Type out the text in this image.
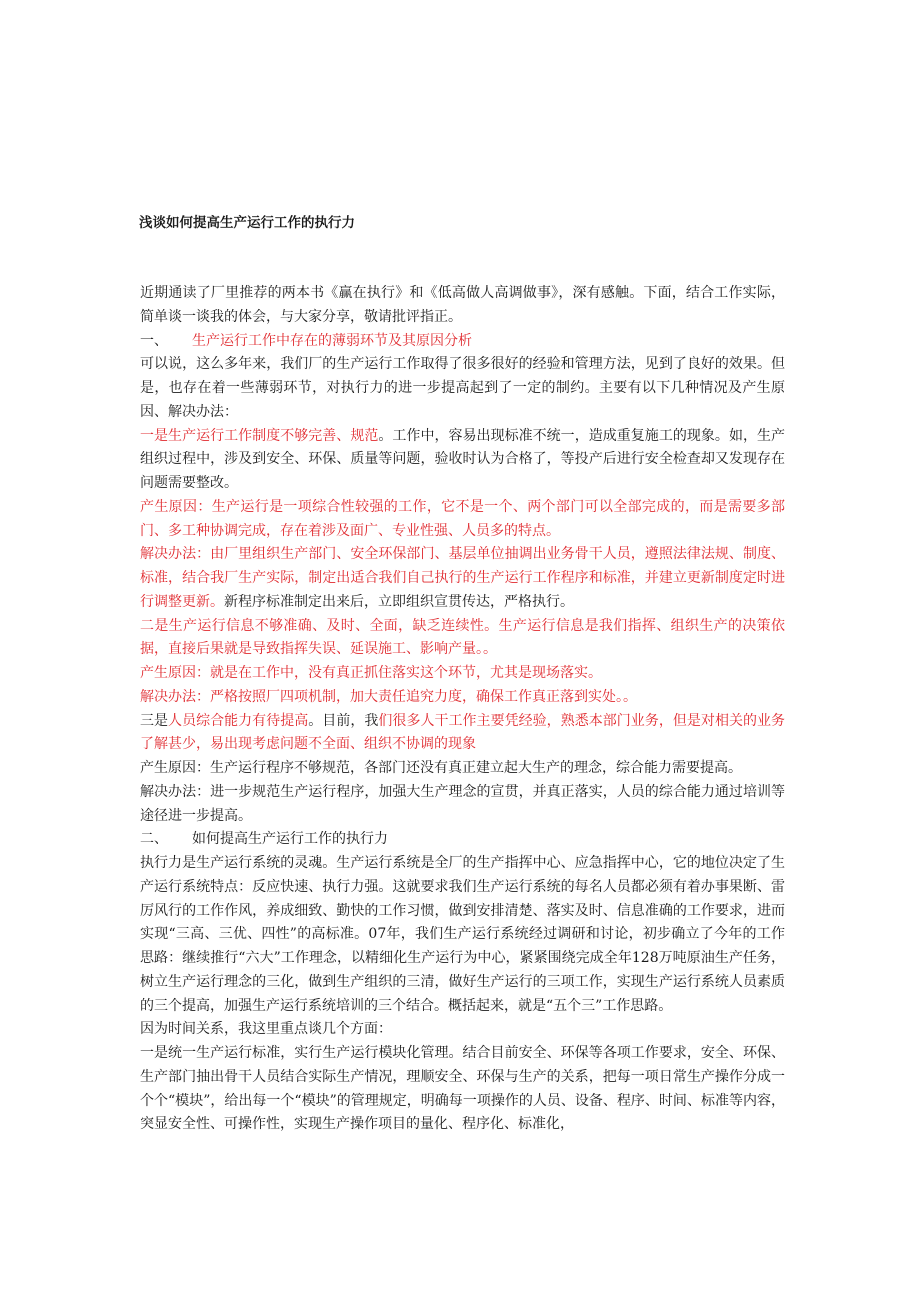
浅谈如何提高生产运行工作的执行力

近期通读了厂里推荐的两本书《赢在执行》和《低高做人高调做事》，深有感触。下面，结合工作实际，简单谈一谈我的体会，与大家分享，敬请批评指正。

一、 生产运行工作中存在的薄弱环节及其原因分析

可以说，这么多年来，我们厂的生产运行工作取得了很多很好的经验和管理方法，见到了良好的效果。但是，也存在着一些薄弱环节，对执行力的进一步提高起到了一定的制约。主要有以下几种情况及产生原因、解决办法：

一是生产运行工作制度不够完善、规范。工作中，容易出现标准不统一，造成重复施工的现象。如，生产组织过程中，涉及到安全、环保、质量等问题，验收时认为合格了，等投产后进行安全检查却又发现存在问题需要整改。

产生原因：生产运行是一项综合性较强的工作，它不是一个、两个部门可以全部完成的，而是需要多部门、多工种协调完成，存在着涉及面广、专业性强、人员多的特点。

解决办法：由厂里组织生产部门、安全环保部门、基层单位抽调出业务骨干人员，遵照法律法规、制度、标准，结合我厂生产实际，制定出适合我们自己执行的生产运行工作程序和标准，并建立更新制度定时进行调整更新。新程序标准制定出来后，立即组织宣贯传达，严格执行。

二是生产运行信息不够准确、及时、全面，缺乏连续性。生产运行信息是我们指挥、组织生产的决策依据，直接后果就是导致指挥失误、延误施工、影响产量。。

产生原因：就是在工作中，没有真正抓住落实这个环节，尤其是现场落实。

解决办法：严格按照厂四项机制，加大责任追究力度，确保工作真正落到实处。。

三是人员综合能力有待提高。目前，我们很多人干工作主要凭经验，熟悉本部门业务，但是对相关的业务了解甚少，易出现考虑问题不全面、组织不协调的现象

产生原因：生产运行程序不够规范，各部门还没有真正建立起大生产的理念，综合能力需要提高。

解决办法：进一步规范生产运行程序，加强大生产理念的宣贯，并真正落实，人员的综合能力通过培训等途径进一步提高。

二、 如何提高生产运行工作的执行力

执行力是生产运行系统的灵魂。生产运行系统是全厂的生产指挥中心、应急指挥中心，它的地位决定了生产运行系统特点：反应快速、执行力强。这就要求我们生产运行系统的每名人员都必须有着办事果断、雷厉风行的工作作风，养成细致、勤快的工作习惯，做到安排清楚、落实及时、信息准确的工作要求，进而实现“三高、三优、四性”的高标准。07年，我们生产运行系统经过调研和讨论，初步确立了今年的工作思路：继续推行“六大”工作理念，以精细化生产运行为中心，紧紧围绕完成全年128万吨原油生产任务，树立生产运行理念的三化，做到生产组织的三清，做好生产运行的三项工作，实现生产运行系统人员素质的三个提高，加强生产运行系统培训的三个结合。概括起来，就是“五个三”工作思路。

因为时间关系，我这里重点谈几个方面：

一是统一生产运行标准，实行生产运行模块化管理。结合目前安全、环保等各项工作要求，安全、环保、生产部门抽出骨干人员结合实际生产情况，理顺安全、环保与生产的关系，把每一项日常生产操作分成一个个“模块”，给出每一个“模块”的管理规定，明确每一项操作的人员、设备、程序、时间、标准等内容，突显安全性、可操作性，实现生产操作项目的量化、程序化、标准化，
